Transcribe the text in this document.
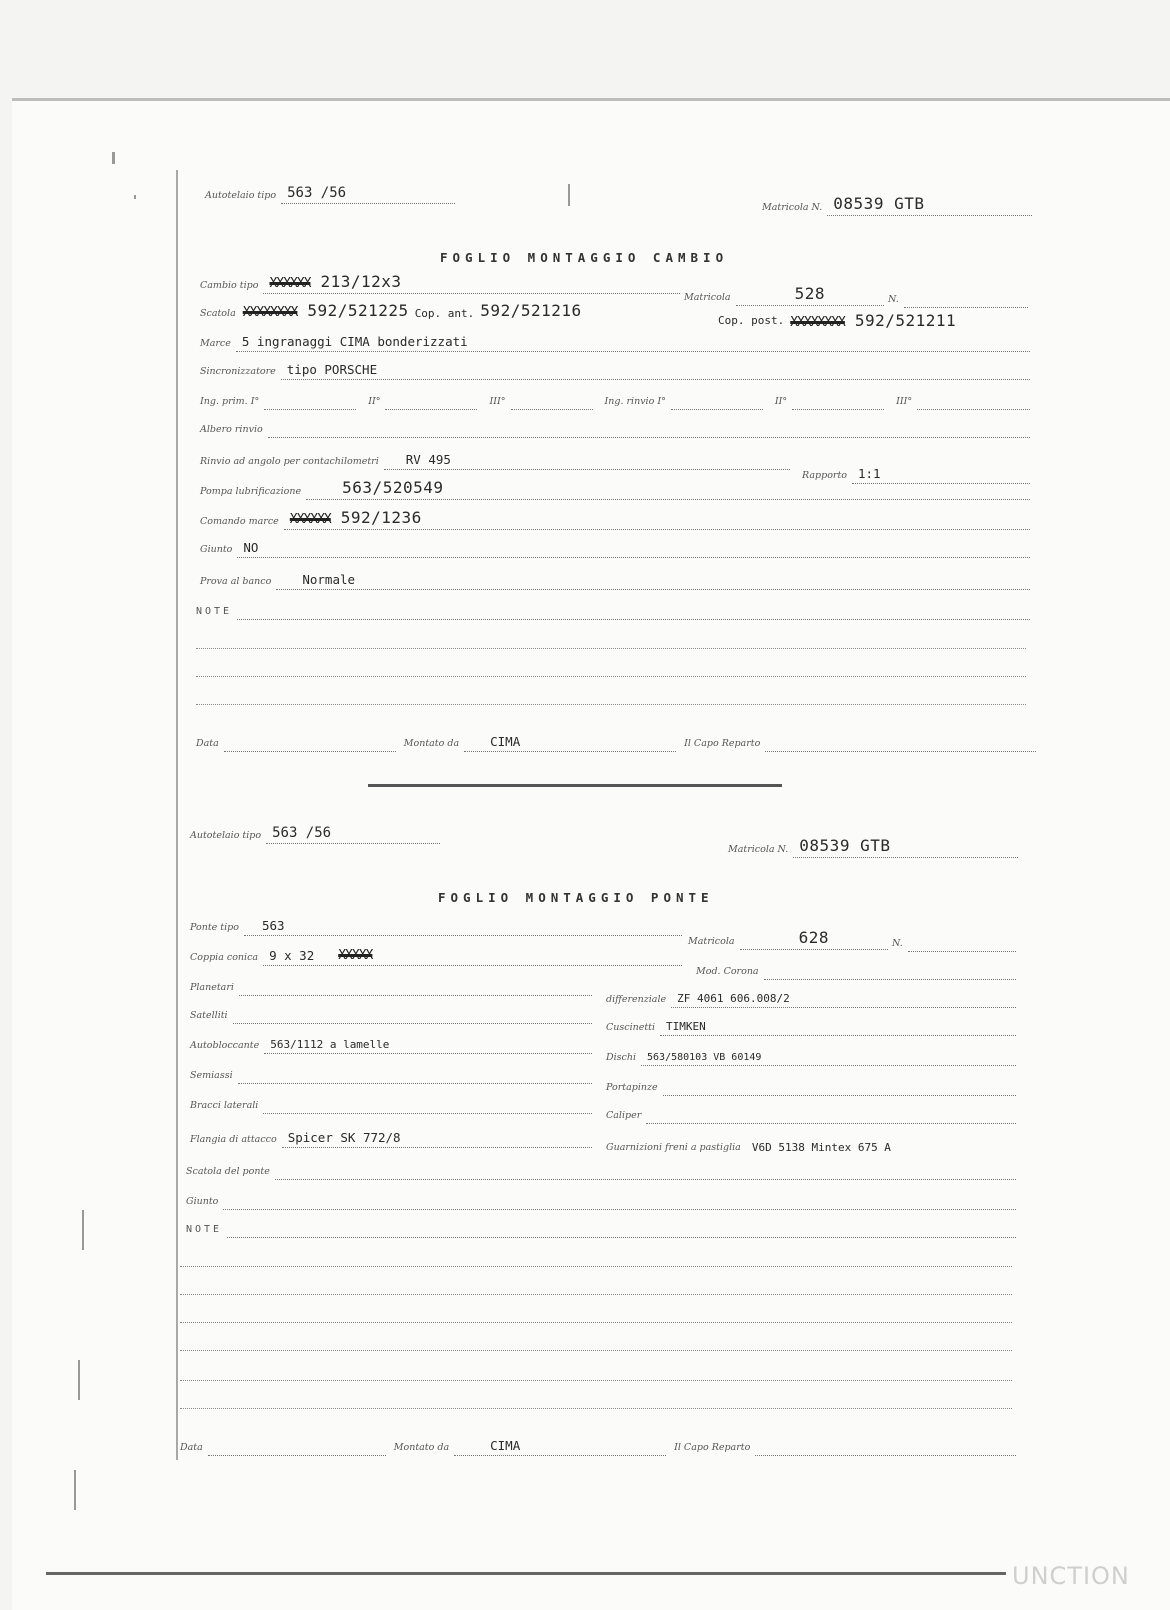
Autotelaio tipo 563 /56
Matricola N. 08539 GTB
FOGLIO MONTAGGIO CAMBIO
Cambio tipo XXXXXX 213/12x3
Matricola	528	N.
Scatola XXXXXXXX 592/521225 Cop. ant. 592/521216
Cop. post. XXXXXXXX 592/521211
Marce 5 ingranaggi CIMA bonderizzati
Sincronizzatore tipo PORSCHE
Ing. prim. I°	II°	III°	Ing. rinvio I°	II°	III°
Albero rinvio
Rinvio ad angolo per contachilometri RV 495
Rapporto 1:1
Pompa lubrificazione	563/520549
Comando marce XXXXXX 592/1236
Giunto NO
Prova al banco Normale
NOTE
Data	Montato da CIMA	Il Capo Reparto
Autotelaio tipo 563 /56
Matricola N. 08539 GTB
FOGLIO MONTAGGIO PONTE
Ponte tipo 563
Matricola	628	N.
Coppia conica 9 x 32 XXXXX
Mod. Corona
Planetari
differenziale ZF 4061 606.008/2
Satelliti
Cuscinetti TIMKEN
Autobloccante 563/1112 a lamelle
Dischi 563/580103 VB 60149
Semiassi
Portapinze
Bracci laterali
Caliper
Flangia di attacco Spicer SK 772/8
Guarnizioni freni a pastiglia V6D 5138 Mintex 675 A
Scatola del ponte
Giunto
NOTE
Data	Montato da	CIMA	Il Capo Reparto
UNCTION
